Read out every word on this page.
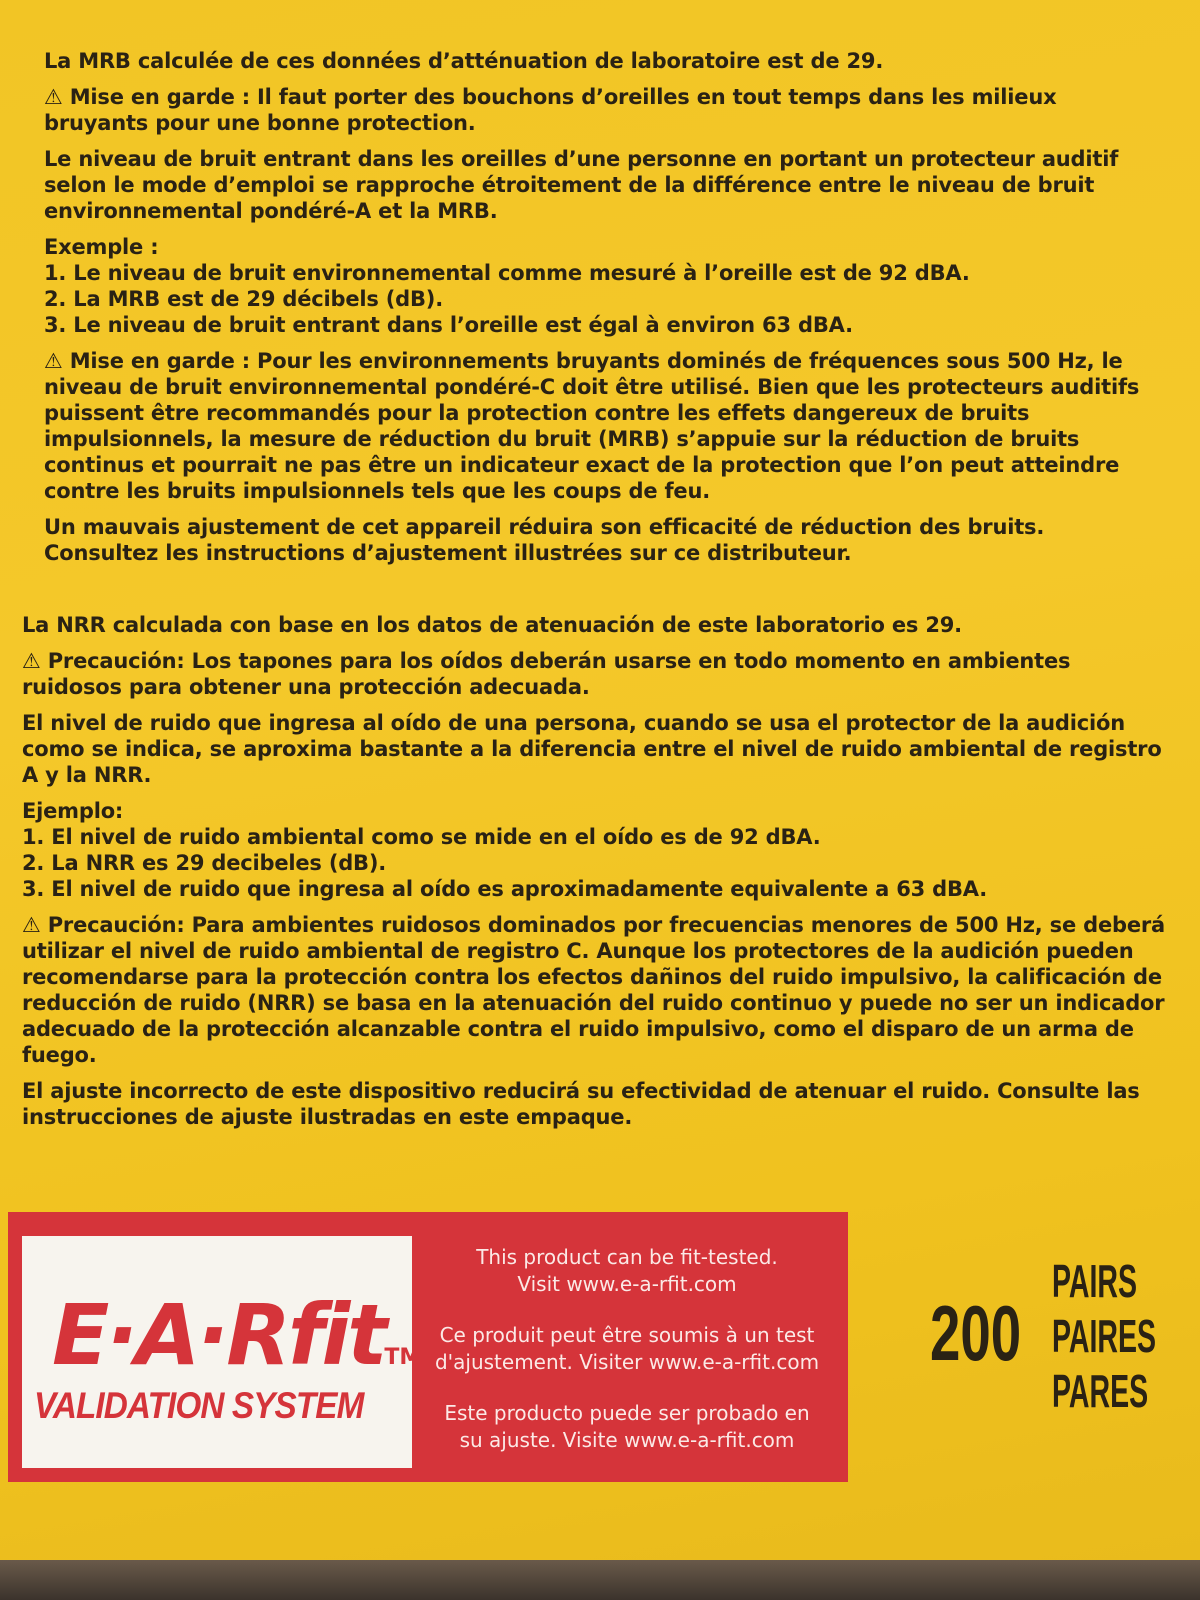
La MRB calculée de ces données d’atténuation de laboratoire est de 29.

⚠ Mise en garde : Il faut porter des bouchons d’oreilles en tout temps dans les milieux bruyants pour une bonne protection.

Le niveau de bruit entrant dans les oreilles d’une personne en portant un protecteur auditif selon le mode d’emploi se rapproche étroitement de la différence entre le niveau de bruit environnemental pondéré-A et la MRB.

Exemple :
1. Le niveau de bruit environnemental comme mesuré à l’oreille est de 92 dBA.
2. La MRB est de 29 décibels (dB).
3. Le niveau de bruit entrant dans l’oreille est égal à environ 63 dBA.

⚠ Mise en garde : Pour les environnements bruyants dominés de fréquences sous 500 Hz, le niveau de bruit environnemental pondéré-C doit être utilisé. Bien que les protecteurs auditifs puissent être recommandés pour la protection contre les effets dangereux de bruits impulsionnels, la mesure de réduction du bruit (MRB) s’appuie sur la réduction de bruits continus et pourrait ne pas être un indicateur exact de la protection que l’on peut atteindre contre les bruits impulsionnels tels que les coups de feu.

Un mauvais ajustement de cet appareil réduira son efficacité de réduction des bruits. Consultez les instructions d’ajustement illustrées sur ce distributeur.

La NRR calculada con base en los datos de atenuación de este laboratorio es 29.

⚠ Precaución: Los tapones para los oídos deberán usarse en todo momento en ambientes ruidosos para obtener una protección adecuada.

El nivel de ruido que ingresa al oído de una persona, cuando se usa el protector de la audición como se indica, se aproxima bastante a la diferencia entre el nivel de ruido ambiental de registro A y la NRR.

Ejemplo:
1. El nivel de ruido ambiental como se mide en el oído es de 92 dBA.
2. La NRR es 29 decibeles (dB).
3. El nivel de ruido que ingresa al oído es aproximadamente equivalente a 63 dBA.

⚠ Precaución: Para ambientes ruidosos dominados por frecuencias menores de 500 Hz, se deberá utilizar el nivel de ruido ambiental de registro C. Aunque los protectores de la audición pueden recomendarse para la protección contra los efectos dañinos del ruido impulsivo, la calificación de reducción de ruido (NRR) se basa en la atenuación del ruido continuo y puede no ser un indicador adecuado de la protección alcanzable contra el ruido impulsivo, como el disparo de un arma de fuego.

El ajuste incorrecto de este dispositivo reducirá su efectividad de atenuar el ruido. Consulte las instrucciones de ajuste ilustradas en este empaque.

E·A·RfitTM
VALIDATION SYSTEM

This product can be fit-tested.
Visit www.e-a-rfit.com

Ce produit peut être soumis à un test
d'ajustement. Visiter www.e-a-rfit.com

Este producto puede ser probado en
su ajuste. Visite www.e-a-rfit.com

200
PAIRS
PAIRES
PARES
